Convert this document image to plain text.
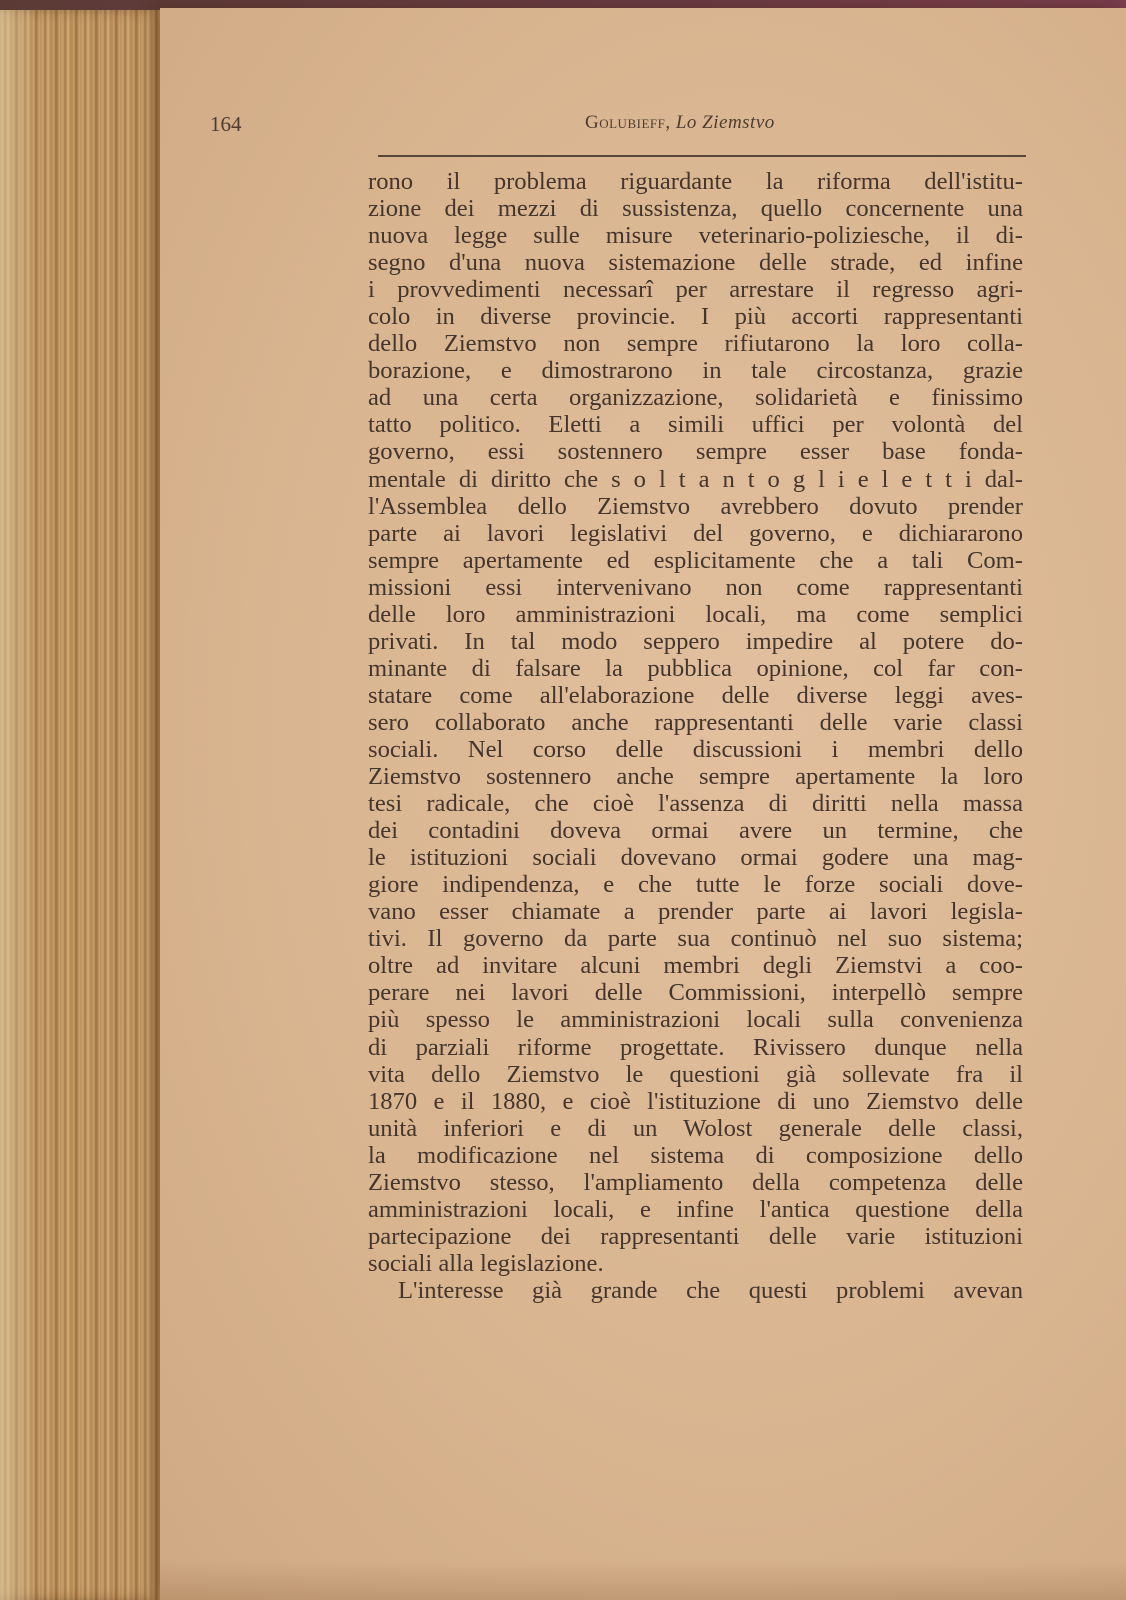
164	Golubieff, Lo Ziemstvo
rono il problema riguardante la riforma dell'istitu-
zione dei mezzi di sussistenza, quello concernente una
nuova legge sulle misure veterinario-poliziesche, il di-
segno d'una nuova sistemazione delle strade, ed infine
i provvedimenti necessarî per arrestare il regresso agri-
colo in diverse provincie. I più accorti rappresentanti
dello Ziemstvo non sempre rifiutarono la loro colla-
borazione, e dimostrarono in tale circostanza, grazie
ad una certa organizzazione, solidarietà e finissimo
tatto politico. Eletti a simili uffici per volontà del
governo, essi sostennero sempre esser base fonda-
mentale di diritto che s o l t a n t o g l i e l e t t i dal-
l'Assemblea dello Ziemstvo avrebbero dovuto prender
parte ai lavori legislativi del governo, e dichiararono
sempre apertamente ed esplicitamente che a tali Com-
missioni essi intervenivano non come rappresentanti
delle loro amministrazioni locali, ma come semplici
privati. In tal modo seppero impedire al potere do-
minante di falsare la pubblica opinione, col far con-
statare come all'elaborazione delle diverse leggi aves-
sero collaborato anche rappresentanti delle varie classi
sociali. Nel corso delle discussioni i membri dello
Ziemstvo sostennero anche sempre apertamente la loro
tesi radicale, che cioè l'assenza di diritti nella massa
dei contadini doveva ormai avere un termine, che
le istituzioni sociali dovevano ormai godere una mag-
giore indipendenza, e che tutte le forze sociali dove-
vano esser chiamate a prender parte ai lavori legisla-
tivi. Il governo da parte sua continuò nel suo sistema;
oltre ad invitare alcuni membri degli Ziemstvi a coo-
perare nei lavori delle Commissioni, interpellò sempre
più spesso le amministrazioni locali sulla convenienza
di parziali riforme progettate. Rivissero dunque nella
vita dello Ziemstvo le questioni già sollevate fra il
1870 e il 1880, e cioè l'istituzione di uno Ziemstvo delle
unità inferiori e di un Wolost generale delle classi,
la modificazione nel sistema di composizione dello
Ziemstvo stesso, l'ampliamento della competenza delle
amministrazioni locali, e infine l'antica questione della
partecipazione dei rappresentanti delle varie istituzioni
sociali alla legislazione.
L'interesse già grande che questi problemi avevan
